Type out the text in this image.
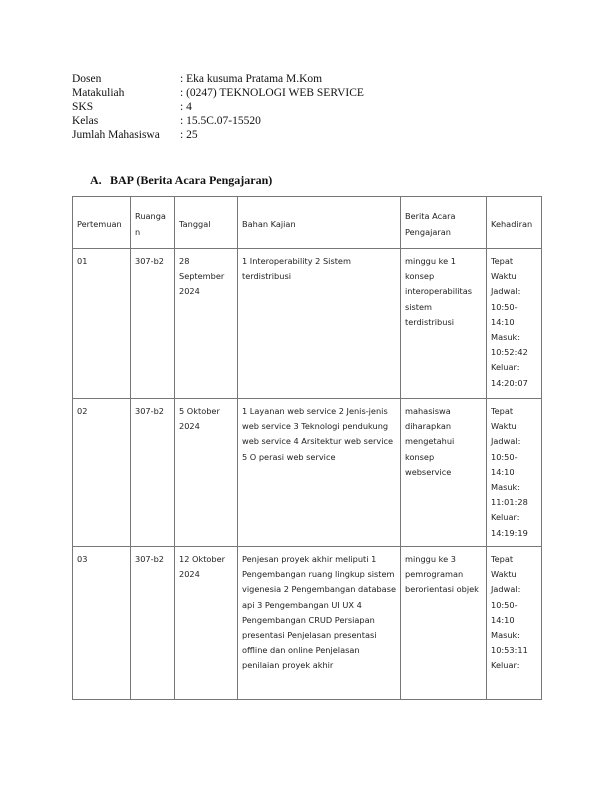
Dosen	: Eka kusuma Pratama M.Kom
Matakuliah	: (0247) TEKNOLOGI WEB SERVICE
SKS	: 4
Kelas	: 15.5C.07-15520
Jumlah Mahasiswa	: 25
A. BAP (Berita Acara Pengajaran)
Pertemuan	Ruangan	Tanggal	Bahan Kajian	Berita Acara Pengajaran	Kehadiran
01	307-b2	28 September 2024	1 Interoperability 2 Sistem terdistribusi	minggu ke 1 konsep interoperabilitas sistem terdistribusi	Tepat Waktu Jadwal: 10:50-14:10 Masuk: 10:52:42 Keluar: 14:20:07
02	307-b2	5 Oktober 2024	1 Layanan web service 2 Jenis-jenis web service 3 Teknologi pendukung web service 4 Arsitektur web service 5 O perasi web service	mahasiswa diharapkan mengetahui konsep webservice	Tepat Waktu Jadwal: 10:50-14:10 Masuk: 11:01:28 Keluar: 14:19:19
03	307-b2	12 Oktober 2024	Penjesan proyek akhir meliputi 1 Pengembangan ruang lingkup sistem vigenesia 2 Pengembangan database api 3 Pengembangan UI UX 4 Pengembangan CRUD Persiapan presentasi Penjelasan presentasi offline dan online Penjelasan penilaian proyek akhir	minggu ke 3 pemrograman berorientasi objek	Tepat Waktu Jadwal: 10:50-14:10 Masuk: 10:53:11 Keluar:
